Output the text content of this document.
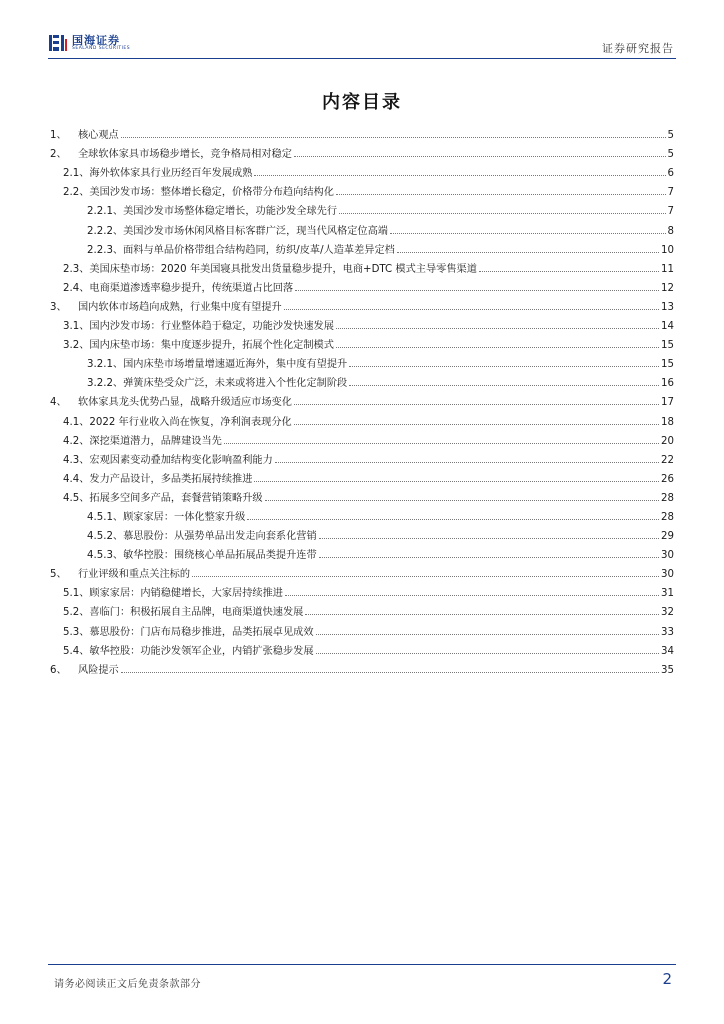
国海证券
SEALAND SECURITIES	证券研究报告
内容目录
1、 核心观点	5
2、 全球软体家具市场稳步增长，竞争格局相对稳定	5
2.1、 海外软体家具行业历经百年发展成熟	6
2.2、 美国沙发市场：整体增长稳定，价格带分布趋向结构化	7
2.2.1、 美国沙发市场整体稳定增长，功能沙发全球先行	7
2.2.2、 美国沙发市场休闲风格目标客群广泛，现当代风格定位高端	8
2.2.3、 面料与单品价格带组合结构趋同，纺织/皮革/人造革差异定档	10
2.3、 美国床垫市场：2020 年美国寝具批发出货量稳步提升，电商+DTC 模式主导零售渠道	11
2.4、 电商渠道渗透率稳步提升，传统渠道占比回落	12
3、 国内软体市场趋向成熟，行业集中度有望提升	13
3.1、 国内沙发市场：行业整体趋于稳定，功能沙发快速发展	14
3.2、 国内床垫市场：集中度逐步提升，拓展个性化定制模式	15
3.2.1、 国内床垫市场增量增速逼近海外，集中度有望提升	15
3.2.2、 弹簧床垫受众广泛，未来或将进入个性化定制阶段	16
4、 软体家具龙头优势凸显，战略升级适应市场变化	17
4.1、 2022 年行业收入尚在恢复，净利润表现分化	18
4.2、 深挖渠道潜力，品牌建设当先	20
4.3、 宏观因素变动叠加结构变化影响盈利能力	22
4.4、 发力产品设计，多品类拓展持续推进	26
4.5、 拓展多空间多产品，套餐营销策略升级	28
4.5.1、 顾家家居：一体化整家升级	28
4.5.2、 慕思股份：从强势单品出发走向套系化营销	29
4.5.3、 敏华控股：围绕核心单品拓展品类提升连带	30
5、 行业评级和重点关注标的	30
5.1、 顾家家居：内销稳健增长，大家居持续推进	31
5.2、 喜临门：积极拓展自主品牌，电商渠道快速发展	32
5.3、 慕思股份：门店布局稳步推进，品类拓展卓见成效	33
5.4、 敏华控股：功能沙发领军企业，内销扩张稳步发展	34
6、 风险提示	35
请务必阅读正文后免责条款部分	2
